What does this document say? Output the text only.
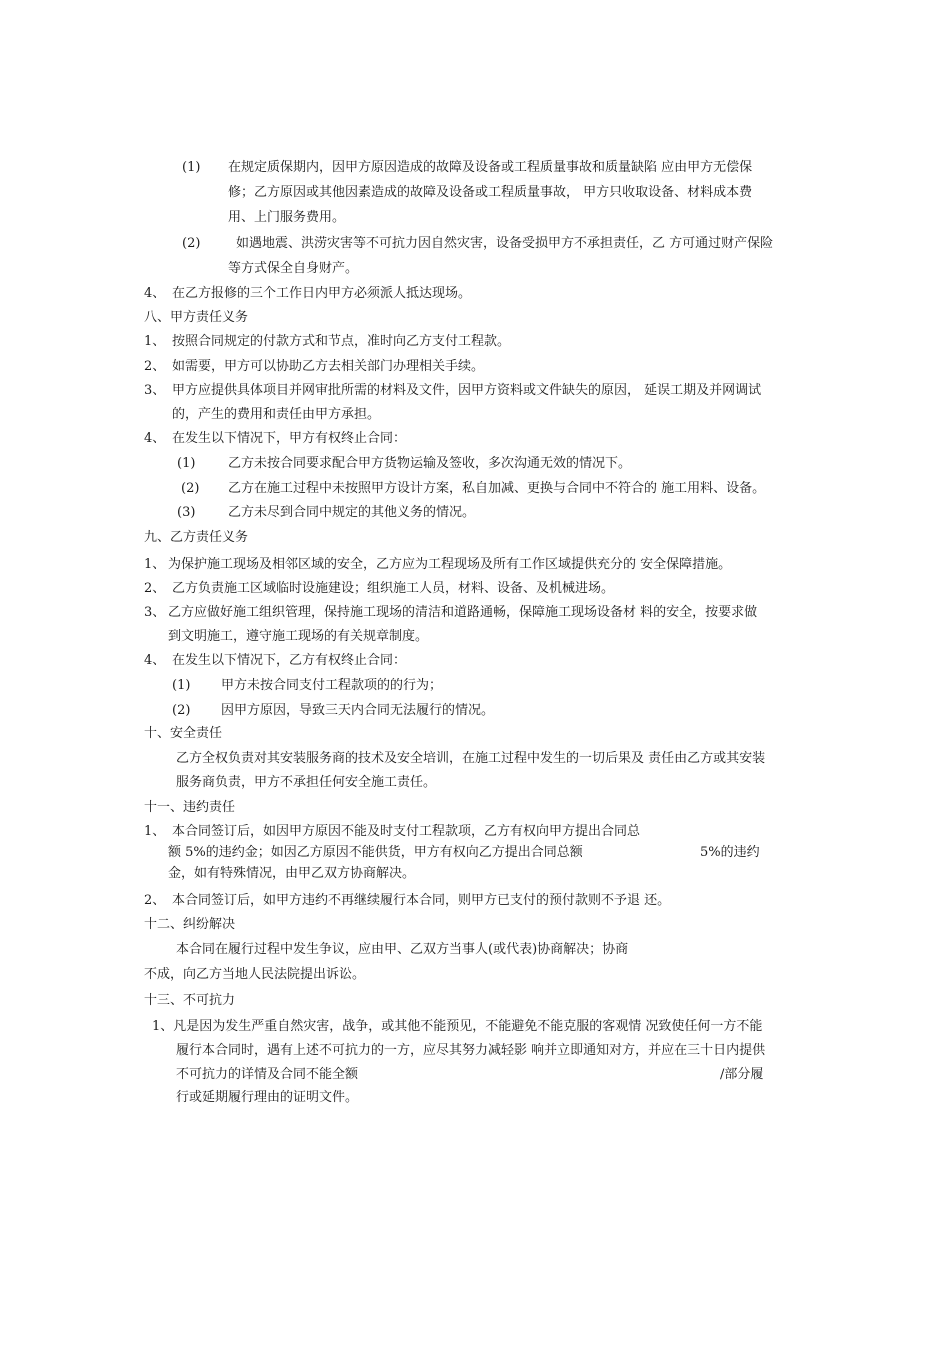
(1) 在规定质保期内，因甲方原因造成的故障及设备或工程质量事故和质量缺陷 应由甲方无偿保
修；乙方原因或其他因素造成的故障及设备或工程质量事故， 甲方只收取设备、材料成本费
用、上门服务费用。
(2)	如遇地震、洪涝灾害等不可抗力因自然灾害，设备受损甲方不承担责任，乙 方可通过财产保险
等方式保全自身财产。
4、 在乙方报修的三个工作日内甲方必须派人抵达现场。
八、甲方责任义务
1、 按照合同规定的付款方式和节点，准时向乙方支付工程款。
2、 如需要，甲方可以协助乙方去相关部门办理相关手续。
3、 甲方应提供具体项目并网审批所需的材料及文件，因甲方资料或文件缺失的原因， 延误工期及并网调试
的，产生的费用和责任由甲方承担。
4、 在发生以下情况下，甲方有权终止合同：
(1)	乙方未按合同要求配合甲方货物运输及签收，多次沟通无效的情况下。
(2) 乙方在施工过程中未按照甲方设计方案，私自加减、更换与合同中不符合的 施工用料、设备。
(3)	乙方未尽到合同中规定的其他义务的情况。
九、乙方责任义务
1、 为保护施工现场及相邻区域的安全，乙方应为工程现场及所有工作区域提供充分的 安全保障措施。
2、 乙方负责施工区域临时设施建设；组织施工人员，材料、设备、及机械进场。
3、 乙方应做好施工组织管理，保持施工现场的清洁和道路通畅，保障施工现场设备材 料的安全，按要求做
到文明施工，遵守施工现场的有关规章制度。
4、 在发生以下情况下，乙方有权终止合同：
(1) 甲方未按合同支付工程款项的的行为；
(2) 因甲方原因，导致三天内合同无法履行的情况。
十、安全责任
乙方全权负责对其安装服务商的技术及安全培训，在施工过程中发生的一切后果及 责任由乙方或其安装
服务商负责，甲方不承担任何安全施工责任。
十一、违约责任
1、 本合同签订后，如因甲方原因不能及时支付工程款项，乙方有权向甲方提出合同总
额 5%的违约金；如因乙方原因不能供货，甲方有权向乙方提出合同总额	5%的违约
金，如有特殊情况，由甲乙双方协商解决。
2、 本合同签订后，如甲方违约不再继续履行本合同，则甲方已支付的预付款则不予退 还。
十二、纠纷解决
本合同在履行过程中发生争议，应由甲、乙双方当事人(或代表)协商解决；协商
不成，向乙方当地人民法院提出诉讼。
十三、不可抗力
1、凡是因为发生严重自然灾害，战争，或其他不能预见，不能避免不能克服的客观情 况致使任何一方不能
履行本合同时，遇有上述不可抗力的一方，应尽其努力减轻影 响并立即通知对方，并应在三十日内提供
不可抗力的详情及合同不能全额	/部分履
行或延期履行理由的证明文件。
